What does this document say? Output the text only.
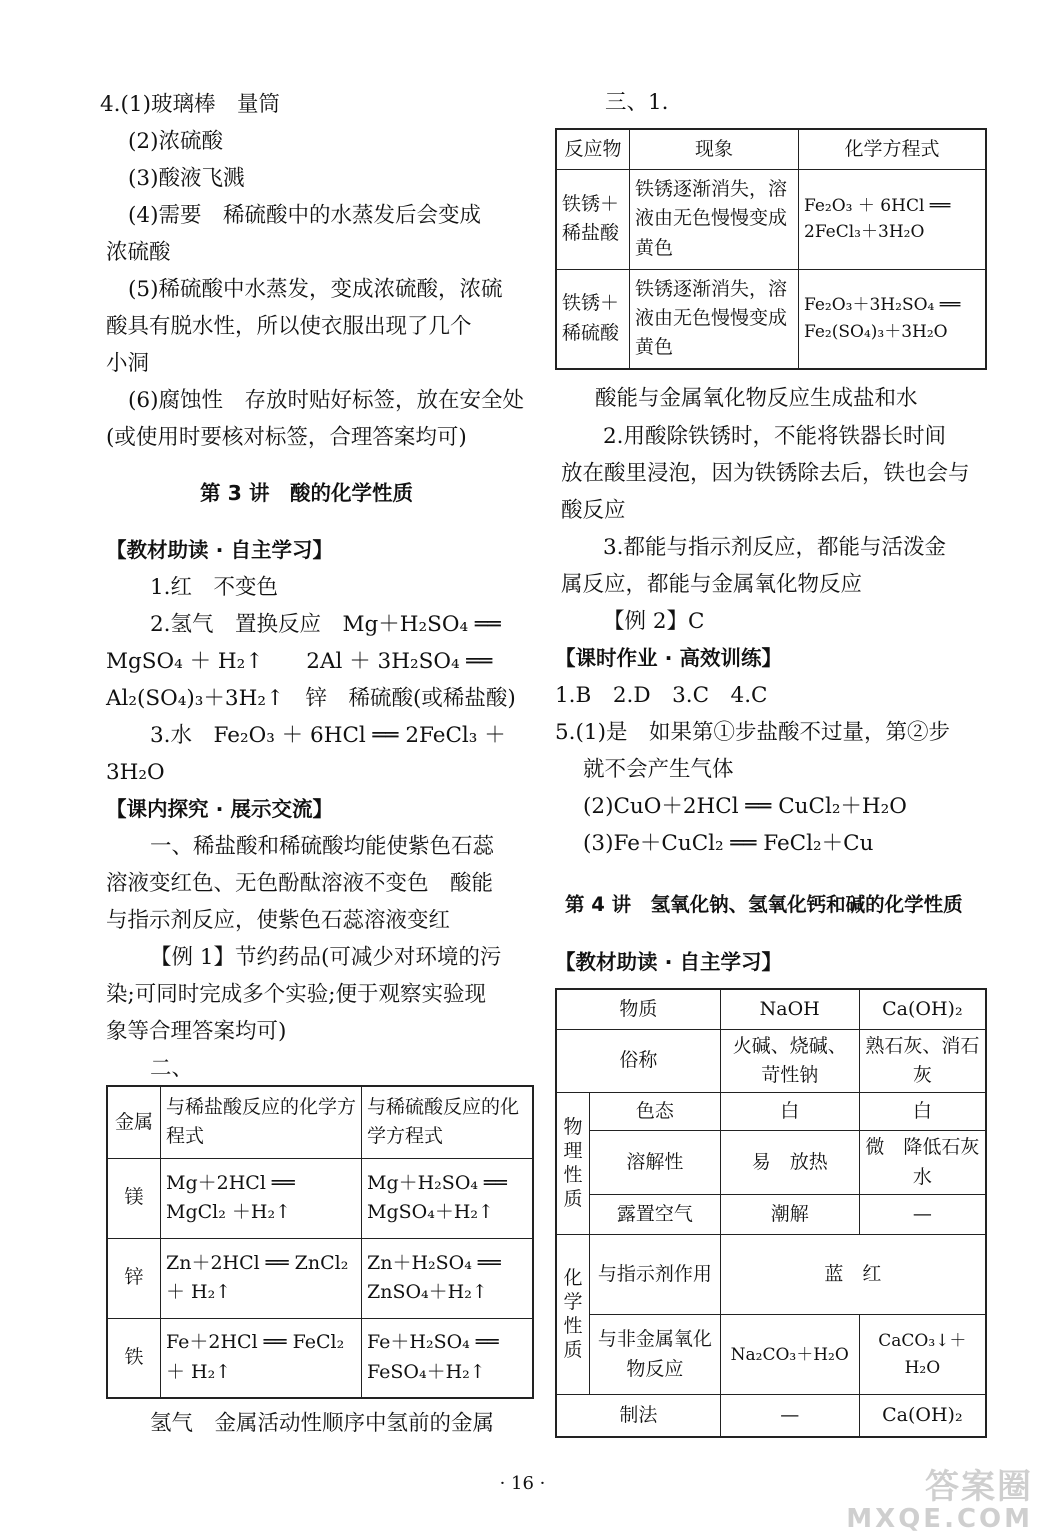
4.(1)玻璃棒　量筒
(2)浓硫酸
(3)酸液飞溅
(4)需要　稀硫酸中的水蒸发后会变成
浓硫酸
(5)稀硫酸中水蒸发，变成浓硫酸，浓硫
酸具有脱水性，所以使衣服出现了几个
小洞
(6)腐蚀性　存放时贴好标签，放在安全处
(或使用时要核对标签，合理答案均可)
第 3 讲　酸的化学性质
【教材助读 · 自主学习】
1.红　不变色
2.氢气　置换反应　Mg＋H₂SO₄ ══
MgSO₄ ＋ H₂↑　　2Al ＋ 3H₂SO₄ ══
Al₂(SO₄)₃＋3H₂↑　锌　稀硫酸(或稀盐酸)
3.水　Fe₂O₃ ＋ 6HCl ══ 2FeCl₃ ＋
3H₂O
【课内探究 · 展示交流】
一、稀盐酸和稀硫酸均能使紫色石蕊
溶液变红色、无色酚酞溶液不变色　酸能
与指示剂反应，使紫色石蕊溶液变红
【例 1】节约药品(可减少对环境的污
染;可同时完成多个实验;便于观察实验现
象等合理答案均可)
二、
金属	与稀盐酸反应的化学方程式	与稀硫酸反应的化学方程式
镁	Mg＋2HCl ══ MgCl₂ ＋H₂↑	Mg＋H₂SO₄ ══ MgSO₄＋H₂↑
锌	Zn＋2HCl ══ ZnCl₂＋ H₂↑	Zn＋H₂SO₄ ══ ZnSO₄＋H₂↑
铁	Fe＋2HCl ══ FeCl₂＋ H₂↑	Fe＋H₂SO₄ ══ FeSO₄＋H₂↑
氢气　金属活动性顺序中氢前的金属
三、1.
反应物	现象	化学方程式
铁锈＋稀盐酸	铁锈逐渐消失，溶液由无色慢慢变成黄色	Fe₂O₃ ＋ 6HCl ══ 2FeCl₃＋3H₂O
铁锈＋稀硫酸	铁锈逐渐消失，溶液由无色慢慢变成黄色	Fe₂O₃＋3H₂SO₄ ══ Fe₂(SO₄)₃＋3H₂O
酸能与金属氧化物反应生成盐和水
2.用酸除铁锈时，不能将铁器长时间
放在酸里浸泡，因为铁锈除去后，铁也会与
酸反应
3.都能与指示剂反应，都能与活泼金
属反应，都能与金属氧化物反应
【例 2】C
【课时作业 · 高效训练】
1.B　2.D　3.C　4.C
5.(1)是　如果第①步盐酸不过量，第②步
就不会产生气体
(2)CuO＋2HCl ══ CuCl₂＋H₂O
(3)Fe＋CuCl₂ ══ FeCl₂＋Cu
第 4 讲　氢氧化钠、氢氧化钙和碱的化学性质
【教材助读 · 自主学习】
物质		NaOH	Ca(OH)₂
俗称		火碱、烧碱、苛性钠	熟石灰、消石灰
物理性质	色态	白	白
	溶解性	易　放热	微　降低石灰水
	露置空气	潮解	—
化学性质	与指示剂作用	蓝　红	
	与非金属氧化物反应	Na₂CO₃＋H₂O	CaCO₃↓＋H₂O
制法		—	Ca(OH)₂
· 16 ·	答案圈
MXQE.COM
